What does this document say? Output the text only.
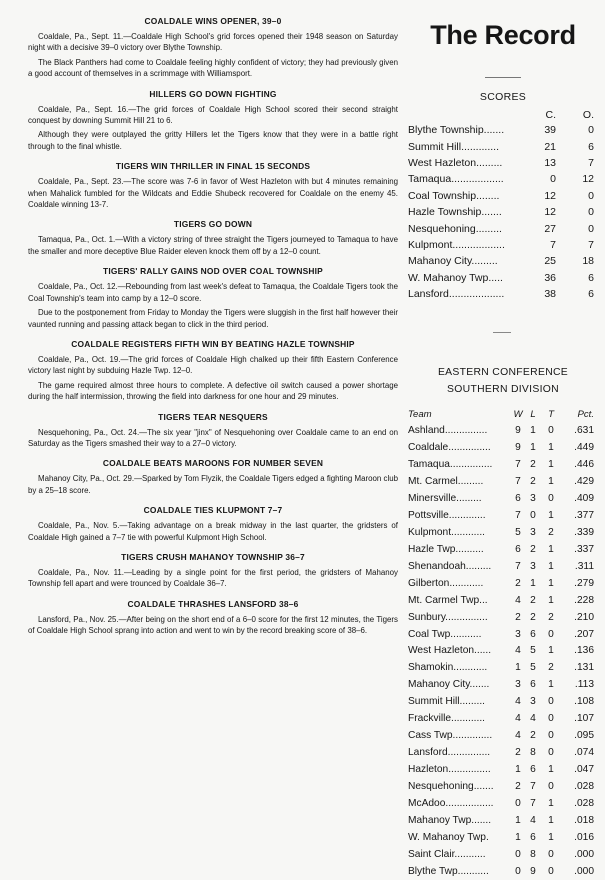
COALDALE WINS OPENER, 39–0

Coaldale, Pa., Sept. 11.—Coaldale High School's grid forces opened their 1948 season on Saturday night with a decisive 39–0 victory over Blythe Township.

The Black Panthers had come to Coaldale feeling highly confident of victory; they had previously given a good account of themselves in a scrimmage with Williamsport.

HILLERS GO DOWN FIGHTING

Coaldale, Pa., Sept. 16.—The grid forces of Coaldale High School scored their second straight conquest by downing Summit Hill 21 to 6.

Although they were outplayed the gritty Hillers let the Tigers know that they were in a battle right through to the final whistle.

TIGERS WIN THRILLER IN FINAL 15 SECONDS

Coaldale, Pa., Sept. 23.—The score was 7-6 in favor of West Hazleton with but 4 minutes remaining when Mahalick fumbled for the Wildcats and Eddie Shubeck recovered for Coaldale on the enemy 45. Coaldale winning 13-7.

TIGERS GO DOWN

Tamaqua, Pa., Oct. 1.—With a victory string of three straight the Tigers journeyed to Tamaqua to have the smaller and more deceptive Blue Raider eleven knock them off by a 12–0 count.

TIGERS' RALLY GAINS NOD OVER COAL TOWNSHIP

Coaldale, Pa., Oct. 12.—Rebounding from last week's defeat to Tamaqua, the Coaldale Tigers took the Coal Township's team into camp by a 12–0 score.

Due to the postponement from Friday to Monday the Tigers were sluggish in the first half however their vaunted running and passing attack began to click in the third period.

COALDALE REGISTERS FIFTH WIN BY BEATING HAZLE TOWNSHIP

Coaldale, Pa., Oct. 19.—The grid forces of Coaldale High chalked up their fifth Eastern Conference victory last night by subduing Hazle Twp. 12–0.

The game required almost three hours to complete. A defective oil switch caused a power shortage during the half intermission, throwing the field into darkness for one hour and 29 minutes.

TIGERS TEAR NESQUERS

Nesquehoning, Pa., Oct. 24.—The six year "jinx" of Nesquehoning over Coaldale came to an end on Saturday as the Tigers smashed their way to a 27–0 victory.

COALDALE BEATS MAROONS FOR NUMBER SEVEN

Mahanoy City, Pa., Oct. 29.—Sparked by Tom Flyzik, the Coaldale Tigers edged a fighting Maroon club by a 25–18 score.

COALDALE TIES KLUPMONT 7–7

Coaldale, Pa., Nov. 5.—Taking advantage on a break midway in the last quarter, the gridsters of Coaldale High gained a 7–7 tie with powerful Kulpmont High School.

TIGERS CRUSH MAHANOY TOWNSHIP 36–7

Coaldale, Pa., Nov. 11.—Leading by a single point for the first period, the gridsters of Mahanoy Township fell apart and were trounced by Coaldale 36–7.

COALDALE THRASHES LANSFORD 38–6

Lansford, Pa., Nov. 25.—After being on the short end of a 6–0 score for the first 12 minutes, the Tigers of Coaldale High School sprang into action and went to win by the record breaking score of 38–6.

The Record

SCORES

C.	O.
Blythe Township.......	39	0
Summit Hill.............	21	6
West Hazleton.........	13	7
Tamaqua..................	0	12
Coal Township........	12	0
Hazle Township.......	12	0
Nesquehoning.........	27	0
Kulpmont..................	7	7
Mahanoy City.........	25	18
W. Mahanoy Twp.....	36	6
Lansford...................	38	6

EASTERN CONFERENCE

SOUTHERN DIVISION

Team	W L	T	Pct.
Ashland...............	9 1	0	.631
Coaldale...............	9 1	1	.449
Tamaqua...............	7 2	1	.446
Mt. Carmel.........	7 2	1	.429
Minersville.........	6 3	0	.409
Pottsville.............	7 0	1	.377
Kulpmont............	5 3	2	.339
Hazle Twp..........	6 2	1	.337
Shenandoah.........	7 3	1	.311
Gilberton............	2 1	1	.279
Mt. Carmel Twp...	4 2	1	.228
Sunbury...............	2 2	2	.210
Coal Twp...........	3 6	0	.207
West Hazleton......	4 5	1	.136
Shamokin............	1 5	2	.131
Mahanoy City.......	3 6	1	.113
Summit Hill.........	4 3	0	.108
Frackville............	4 4	0	.107
Cass Twp..............	4 2	0	.095
Lansford...............	2 8	0	.074
Hazleton...............	1 6	1	.047
Nesquehoning.......	2 7	0	.028
McAdoo.................	0 7	1	.028
Mahanoy Twp.......	1 4	1	.018
W. Mahanoy Twp.	1 6	1	.016
Saint Clair...........	0 8	0	.000
Blythe Twp...........	0 9	0	.000
